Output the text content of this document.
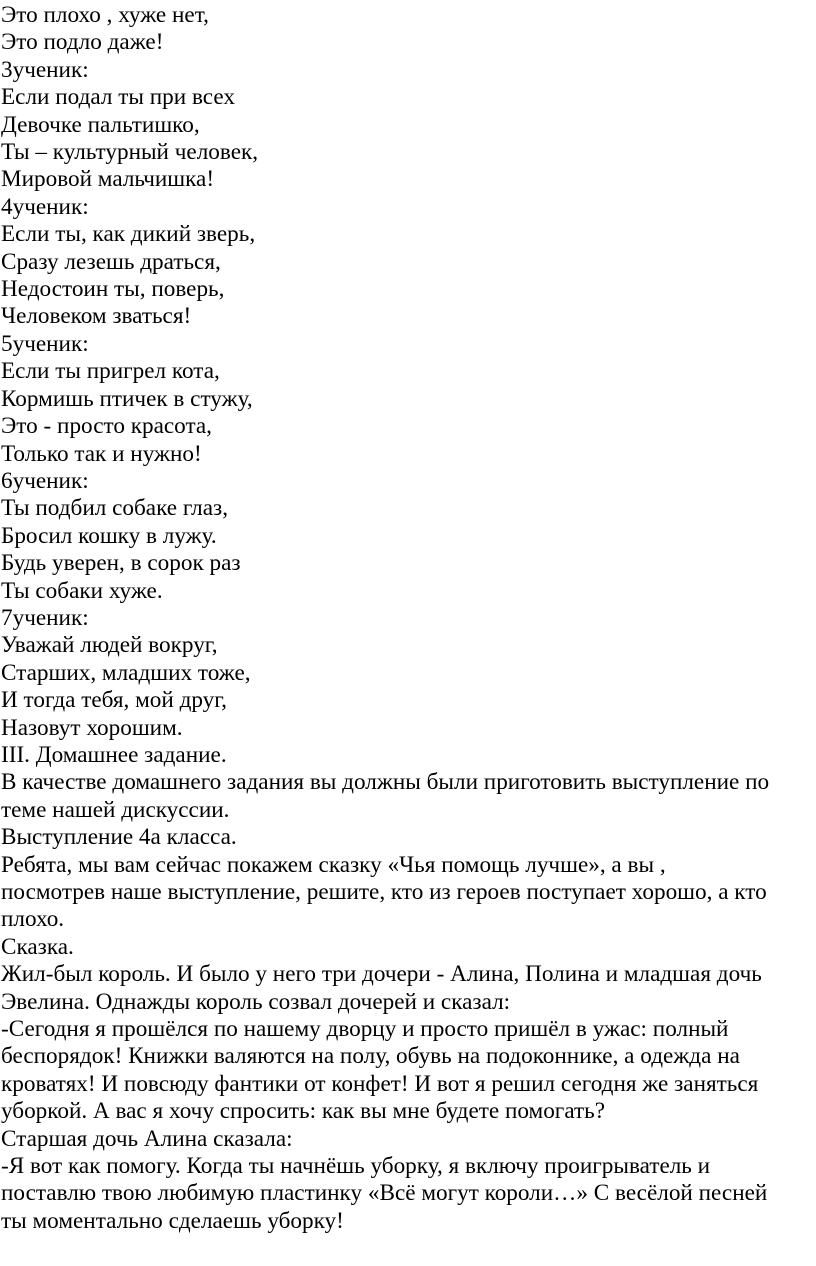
Это плохо , хуже нет,

Это подло даже!

3ученик:

Если подал ты при всех

Девочке пальтишко,

Ты – культурный человек,

Мировой мальчишка!

4ученик:

Если ты, как дикий зверь,

Сразу лезешь драться,

Недостоин ты, поверь,

Человеком зваться!

5ученик:

Если ты пригрел кота,

Кормишь птичек в стужу,

Это - просто красота,

Только так и нужно!

6ученик:

Ты подбил собаке глаз,

Бросил кошку в лужу.

Будь уверен, в сорок раз

Ты собаки хуже.

7ученик:

Уважай людей вокруг,

Старших, младших тоже,

И тогда тебя, мой друг,

Назовут хорошим.

III. Домашнее задание.

В качестве домашнего задания вы должны были приготовить выступление по

теме нашей дискуссии.

Выступление 4а класса.

Ребята, мы вам сейчас покажем сказку «Чья помощь лучше», а вы ,

посмотрев наше выступление, решите, кто из героев поступает хорошо, а кто

плохо.

Сказка.

Жил-был король. И было у него три дочери - Алина, Полина и младшая дочь

Эвелина. Однажды король созвал дочерей и сказал:

-Сегодня я прошёлся по нашему дворцу и просто пришёл в ужас: полный

беспорядок! Книжки валяются на полу, обувь на подоконнике, а одежда на

кроватях! И повсюду фантики от конфет! И вот я решил сегодня же заняться

уборкой. А вас я хочу спросить: как вы мне будете помогать?

Старшая дочь Алина сказала:

-Я вот как помогу. Когда ты начнёшь уборку, я включу проигрыватель и

поставлю твою любимую пластинку «Всё могут короли…» С весёлой песней

ты моментально сделаешь уборку!
